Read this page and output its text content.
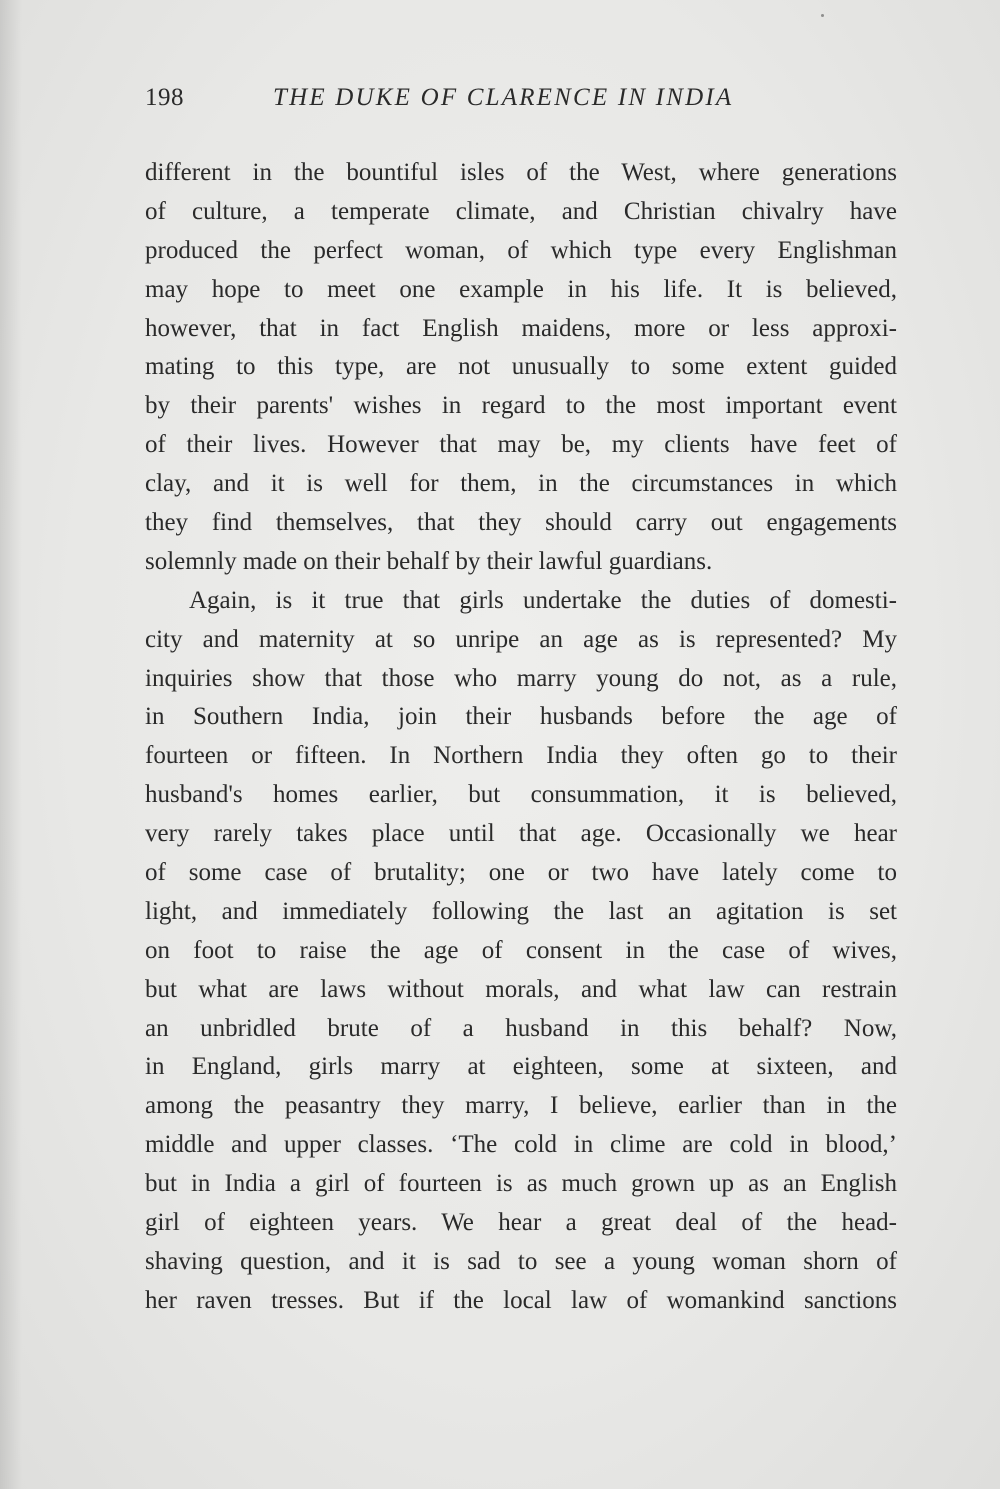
198	THE DUKE OF CLARENCE IN INDIA
different in the bountiful isles of the West, where generations
of culture, a temperate climate, and Christian chivalry have
produced the perfect woman, of which type every Englishman
may hope to meet one example in his life. It is believed,
however, that in fact English maidens, more or less approxi-
mating to this type, are not unusually to some extent guided
by their parents' wishes in regard to the most important event
of their lives. However that may be, my clients have feet of
clay, and it is well for them, in the circumstances in which
they find themselves, that they should carry out engagements
solemnly made on their behalf by their lawful guardians.
Again, is it true that girls undertake the duties of domesti-
city and maternity at so unripe an age as is represented? My
inquiries show that those who marry young do not, as a rule,
in Southern India, join their husbands before the age of
fourteen or fifteen. In Northern India they often go to their
husband's homes earlier, but consummation, it is believed,
very rarely takes place until that age. Occasionally we hear
of some case of brutality; one or two have lately come to
light, and immediately following the last an agitation is set
on foot to raise the age of consent in the case of wives,
but what are laws without morals, and what law can restrain
an unbridled brute of a husband in this behalf? Now,
in England, girls marry at eighteen, some at sixteen, and
among the peasantry they marry, I believe, earlier than in the
middle and upper classes. ‘The cold in clime are cold in blood,’
but in India a girl of fourteen is as much grown up as an English
girl of eighteen years. We hear a great deal of the head-
shaving question, and it is sad to see a young woman shorn of
her raven tresses. But if the local law of womankind sanctions
